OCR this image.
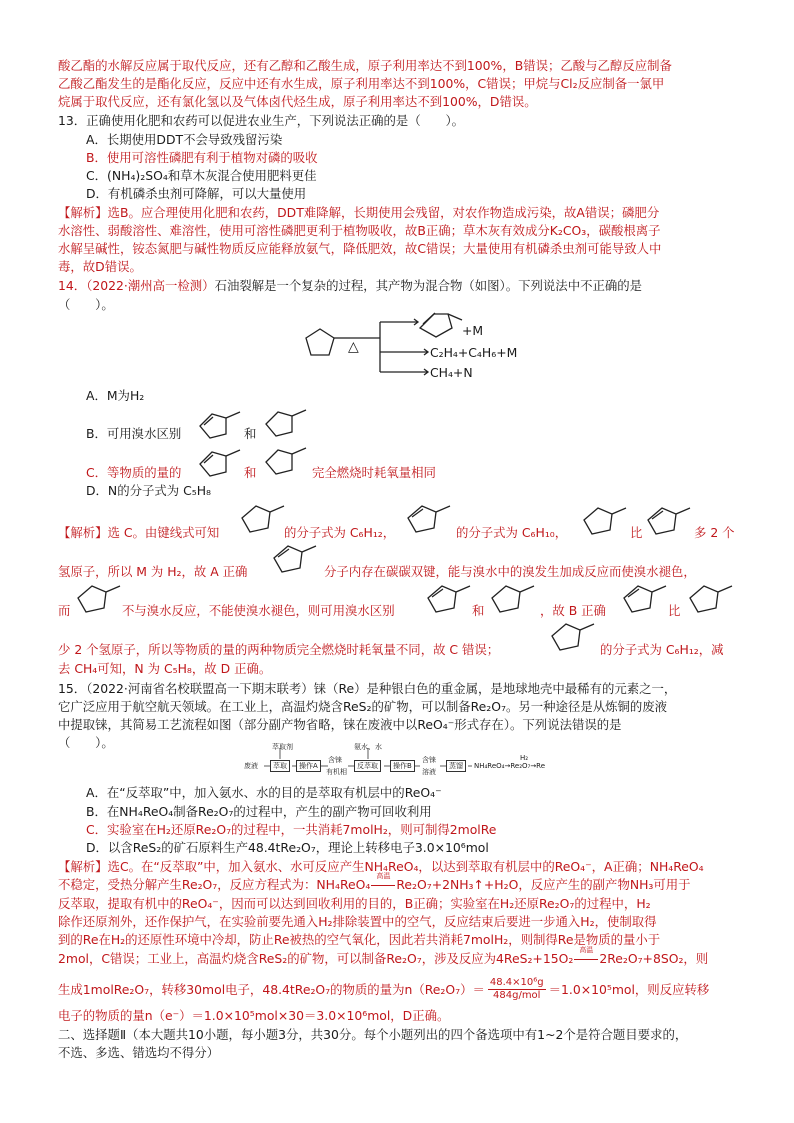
酸乙酯的水解反应属于取代反应，还有乙醇和乙酸生成，原子利用率达不到100%，B错误；乙酸与乙醇反应制备
乙酸乙酯发生的是酯化反应，反应中还有水生成，原子利用率达不到100%，C错误；甲烷与Cl₂反应制备一氯甲
烷属于取代反应，还有氯化氢以及气体卤代烃生成，原子利用率达不到100%，D错误。
13．正确使用化肥和农药可以促进农业生产，下列说法正确的是（　　）。
A．长期使用DDT不会导致残留污染
B．使用可溶性磷肥有利于植物对磷的吸收
C．(NH₄)₂SO₄和草木灰混合使用肥料更佳
D．有机磷杀虫剂可降解，可以大量使用
【解析】选B。应合理使用化肥和农药，DDT难降解，长期使用会残留，对农作物造成污染，故A错误；磷肥分
水溶性、弱酸溶性、难溶性，使用可溶性磷肥更利于植物吸收，故B正确；草木灰有效成分K₂CO₃，碳酸根离子
水解呈碱性，铵态氮肥与碱性物质反应能释放氨气，降低肥效，故C错误；大量使用有机磷杀虫剂可能导致人中
毒，故D错误。
14．（2022·潮州高一检测）石油裂解是一个复杂的过程，其产物为混合物（如图）。下列说法中不正确的是
（　　）。
△
+M
C₂H₄+C₄H₆+M
CH₄+N
A．M为H₂
B．可用溴水区别	和
C．等物质的量的	和	完全燃烧时耗氧量相同
D．N的分子式为 C₅H₈
【解析】选 C。由键线式可知	的分子式为 C₆H₁₂，	的分子式为 C₆H₁₀，	比	多 2 个
氢原子，所以 M 为 H₂，故 A 正确	分子内存在碳碳双键，能与溴水中的溴发生加成反应而使溴水褪色，
而	不与溴水反应，不能使溴水褪色，则可用溴水区别	和	，故 B 正确	比
少 2 个氢原子，所以等物质的量的两种物质完全燃烧时耗氧量不同，故 C 错误；	的分子式为 C₆H₁₂，减
去 CH₄可知，N 为 C₅H₈，故 D 正确。
15．（2022·河南省名校联盟高一下期末联考）铼（Re）是种银白色的重金属，是地球地壳中最稀有的元素之一，
它广泛应用于航空航天领域。在工业上，高温灼烧含ReS₂的矿物，可以制备Re₂O₇。另一种途径是从炼铜的废液
中提取铼，其简易工艺流程如图（部分副产物省略，铼在废液中以ReO₄⁻形式存在）。下列说法错误的是
（　　）。	萃取剂	氨水、水
废液	萃取	操作A
含铼
有机相
反萃取	操作B
含铼
溶液
蒸馏	NH₄ReO₄→Re₂O₇→Re
H₂
A．在“反萃取”中，加入氨水、水的目的是萃取有机层中的ReO₄⁻
B．在NH₄ReO₄制备Re₂O₇的过程中，产生的副产物可回收利用
C．实验室在H₂还原Re₂O₇的过程中，一共消耗7molH₂，则可制得2molRe
D．以含ReS₂的矿石原料生产48.4tRe₂O₇，理论上转移电子3.0×10⁶mol
【解析】选C。在“反萃取”中，加入氨水、水可反应产生NH₄ReO₄，以达到萃取有机层中的ReO₄⁻，A正确；NH₄ReO₄
不稳定，受热分解产生Re₂O₇，反应方程式为：NH₄ReO₄
高温
Re₂O₇+2NH₃↑+H₂O，反应产生的副产物NH₃可用于
反萃取，提取有机中的ReO₄⁻，因而可以达到回收利用的目的，B正确；实验室在H₂还原Re₂O₇的过程中，H₂
除作还原剂外，还作保护气，在实验前要先通入H₂排除装置中的空气，反应结束后要进一步通入H₂，使制取得
到的Re在H₂的还原性环境中冷却，防止Re被热的空气氧化，因此若共消耗7molH₂，则制得Re是物质的量小于
2mol，C错误；工业上，高温灼烧含ReS₂的矿物，可以制备Re₂O₇，涉及反应为4ReS₂+15O₂
高温
2Re₂O₇+8SO₂，则
生成1molRe₂O₇，转移30mol电子，48.4tRe₂O₇的物质的量为n（Re₂O₇）＝ 48.4×10⁶g
484g/mol ＝1.0×10⁵mol，则反应转移
电子的物质的量n（e⁻）＝1.0×10⁵mol×30＝3.0×10⁶mol，D正确。
二、选择题Ⅱ（本大题共10小题，每小题3分，共30分。每个小题列出的四个备选项中有1~2个是符合题目要求的，
不选、多选、错选均不得分）
